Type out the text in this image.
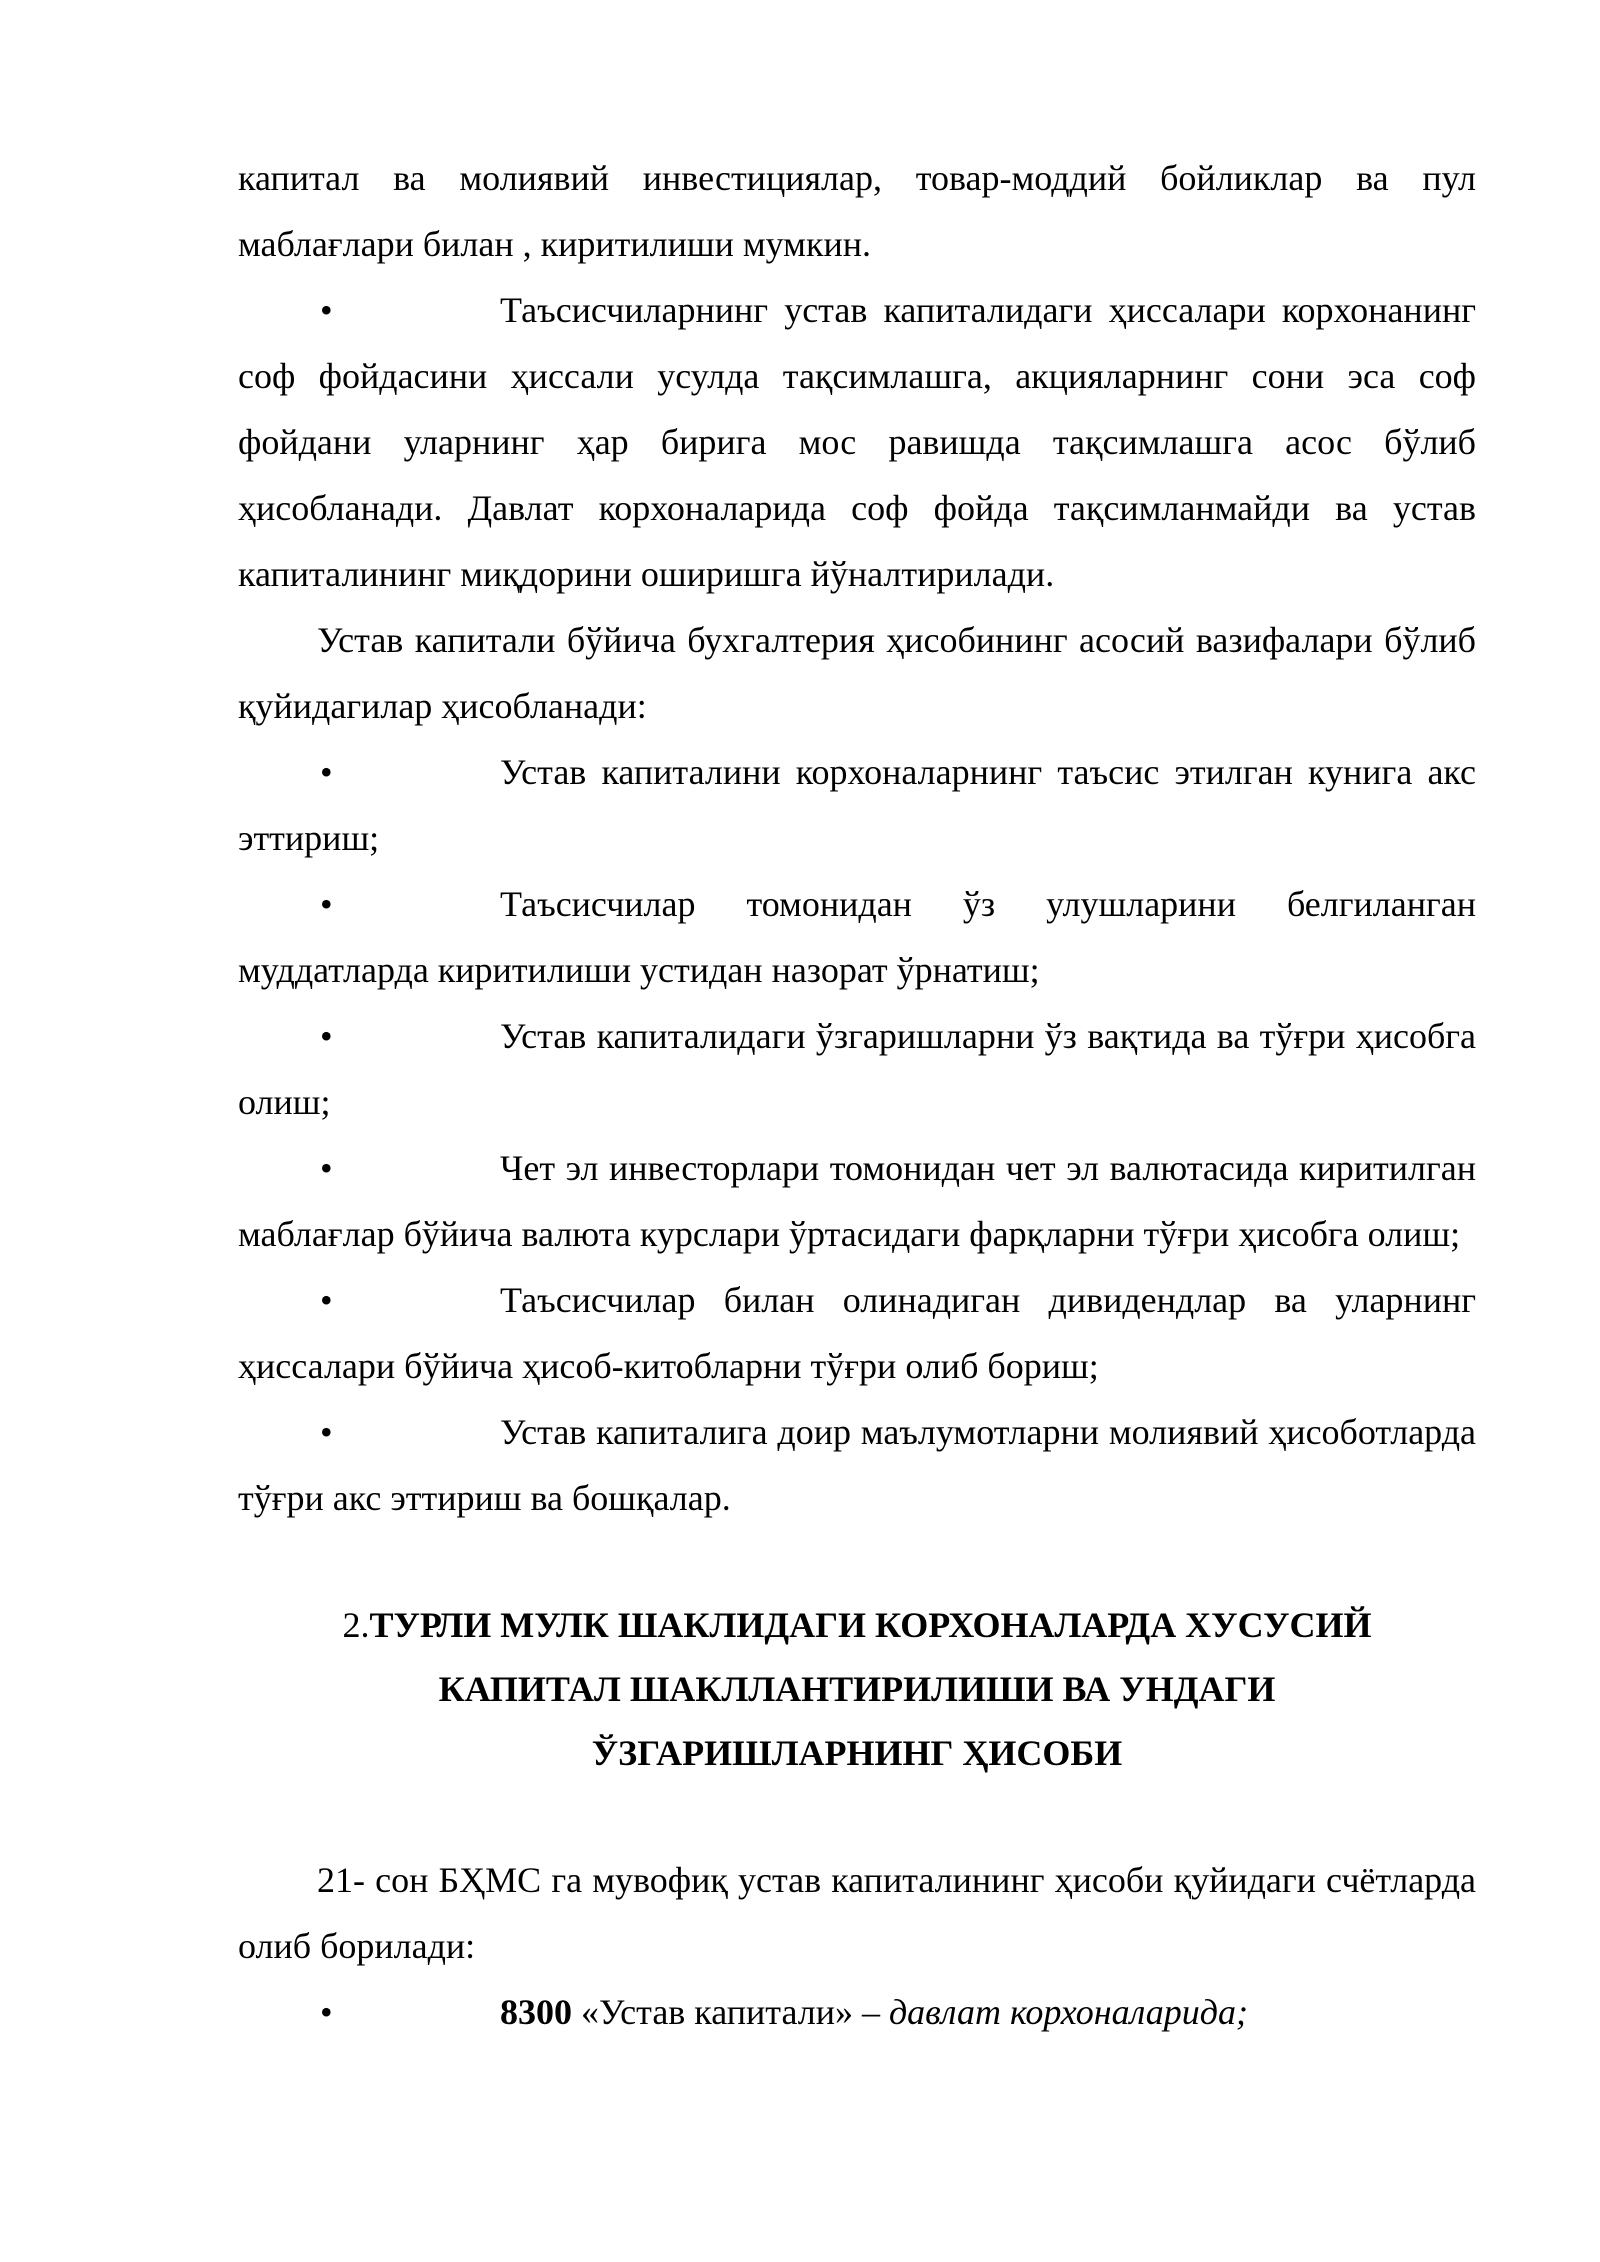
капитал ва молиявий инвестициялар, товар-моддий бойликлар ва пул маблағлари билан , киритилиши мумкин.

•	Таъсисчиларнинг устав капиталидаги ҳиссалари корхонанинг соф фойдасини ҳиссали усулда тақсимлашга, акцияларнинг сони эса соф фойдани уларнинг ҳар бирига мос равишда тақсимлашга асос бўлиб ҳисобланади. Давлат корхоналарида соф фойда тақсимланмайди ва устав капиталининг миқдорини оширишга йўналтирилади.

Устав капитали бўйича бухгалтерия ҳисобининг асосий вазифалари бўлиб қуйидагилар ҳисобланади:

•	Устав капиталини корхоналарнинг таъсис этилган кунига акс эттириш;

•	Таъсисчилар томонидан ўз улушларини белгиланган муддатларда киритилиши устидан назорат ўрнатиш;

•	Устав капиталидаги ўзгаришларни ўз вақтида ва тўғри ҳисобга олиш;

•	Чет эл инвесторлари томонидан чет эл валютасида киритилган маблағлар бўйича валюта курслари ўртасидаги фарқларни тўғри ҳисобга олиш;

•	Таъсисчилар билан олинадиган дивидендлар ва уларнинг ҳиссалари бўйича ҳисоб-китобларни тўғри олиб бориш;

•	Устав капиталига доир маълумотларни молиявий ҳисоботларда тўғри акс эттириш ва бошқалар.

2.ТУРЛИ МУЛК ШАКЛИДАГИ КОРХОНАЛАРДА ХУСУСИЙ

КАПИТАЛ ШАКЛЛАНТИРИЛИШИ ВА УНДАГИ

ЎЗГАРИШЛАРНИНГ ҲИСОБИ

21- сон БҲМС га мувофиқ устав капиталининг ҳисоби қуйидаги счётларда олиб борилади:

•	8300 «Устав капитали» – давлат корхоналарида;
